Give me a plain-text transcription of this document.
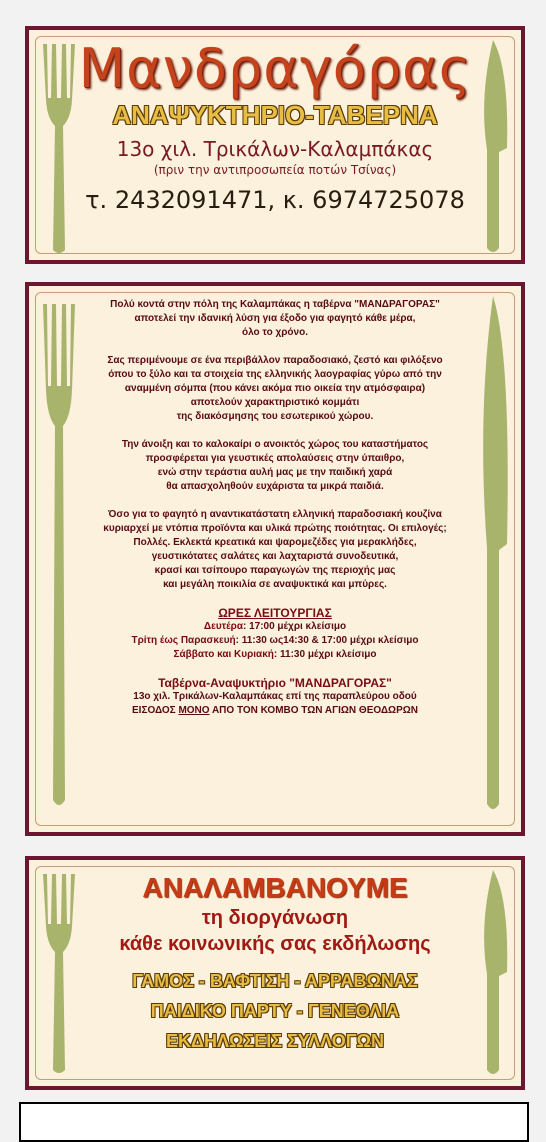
Μανδραγόρας
ΑΝΑΨΥΚΤΗΡΙΟ-ΤΑΒΕΡΝΑ
13ο χιλ. Τρικάλων-Καλαμπάκας
(πριν την αντιπροσωπεία ποτών Τσίνας)
τ. 2432091471, κ. 6974725078

Πολύ κοντά στην πόλη της Καλαμπάκας η ταβέρνα "ΜΑΝΔΡΑΓΟΡΑΣ"
αποτελεί την ιδανική λύση για έξοδο για φαγητό κάθε μέρα,
όλο το χρόνο.

Σας περιμένουμε σε ένα περιβάλλον παραδοσιακό, ζεστό και φιλόξενο
όπου το ξύλο και τα στοιχεία της ελληνικής λαογραφίας γύρω από την
αναμμένη σόμπα (που κάνει ακόμα πιο οικεία την ατμόσφαιρα)
αποτελούν χαρακτηριστικό κομμάτι
της διακόσμησης του εσωτερικού χώρου.

Την άνοιξη και το καλοκαίρι ο ανοικτός χώρος του καταστήματος
προσφέρεται για γευστικές απολαύσεις στην ύπαιθρο,
ενώ στην τεράστια αυλή μας με την παιδική χαρά
θα απασχοληθούν ευχάριστα τα μικρά παιδιά.

Όσο για το φαγητό η αναντικατάστατη ελληνική παραδοσιακή κουζίνα
κυριαρχεί με ντόπια προϊόντα και υλικά πρώτης ποιότητας. Οι επιλογές;
Πολλές. Εκλεκτά κρεατικά και ψαρομεζέδες για μερακλήδες,
γευστικότατες σαλάτες και λαχταριστά συνοδευτικά,
κρασί και τσίπουρο παραγωγών της περιοχής μας
και μεγάλη ποικιλία σε αναψυκτικά και μπύρες.

ΩΡΕΣ ΛΕΙΤΟΥΡΓΙΑΣ
Δευτέρα: 17:00 μέχρι κλείσιμο
Τρίτη έως Παρασκευή: 11:30 ως14:30 & 17:00 μέχρι κλείσιμο
Σάββατο και Κυριακή: 11:30 μέχρι κλείσιμο
Ταβέρνα-Αναψυκτήριο "ΜΑΝΔΡΑΓΟΡΑΣ"
13ο χιλ. Τρικάλων-Καλαμπάκας επί της παραπλεύρου οδού
ΕΙΣΟΔΟΣ ΜΟΝΟ ΑΠΟ ΤΟΝ ΚΟΜΒΟ ΤΩΝ ΑΓΙΩΝ ΘΕΟΔΩΡΩΝ
ΑΝΑΛΑΜΒΑΝΟΥΜΕ
τη διοργάνωση
κάθε κοινωνικής σας εκδήλωσης
ΓΑΜΟΣ - ΒΑΦΤΙΣΗ - ΑΡΡΑΒΩΝΑΣ
ΠΑΙΔΙΚΟ ΠΑΡΤΥ - ΓΕΝΕΘΛΙΑ
ΕΚΔΗΛΩΣΕΙΣ ΣΥΛΛΟΓΩΝ
